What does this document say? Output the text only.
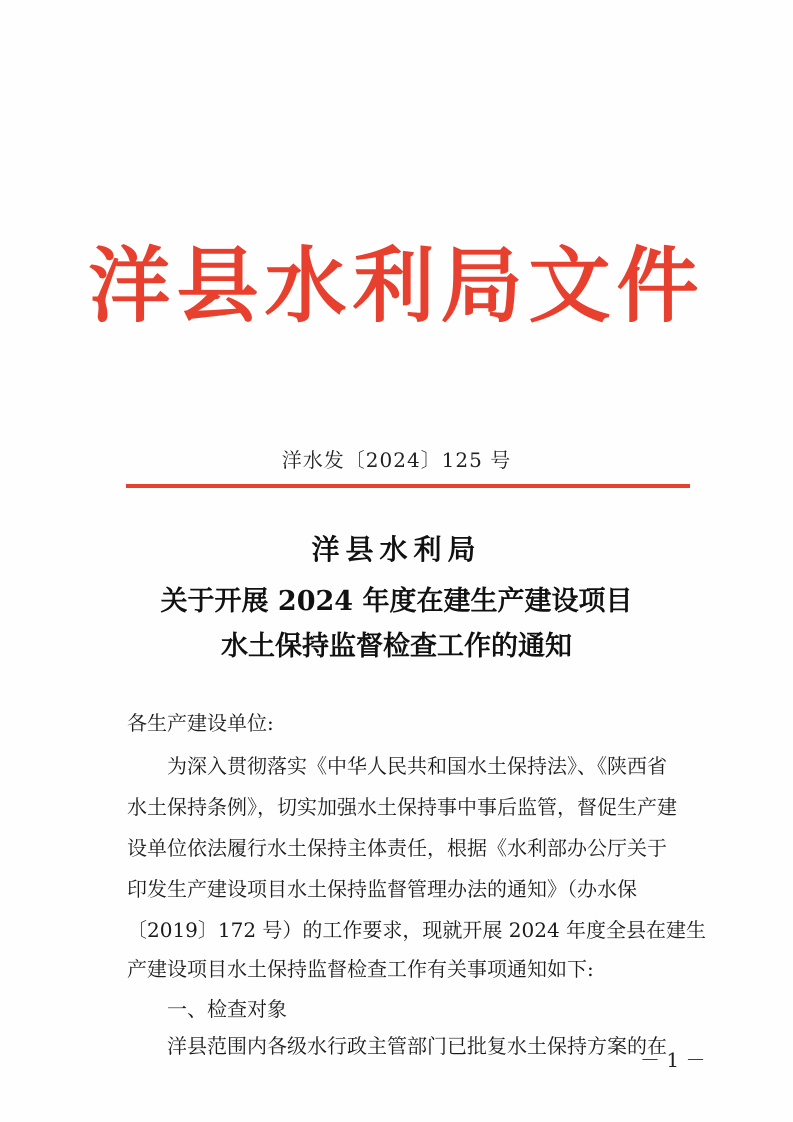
洋县水利局文件
洋水发〔2024〕125 号
洋县水利局
关于开展 2024 年度在建生产建设项目
水土保持监督检查工作的通知
各生产建设单位:
为深入贯彻落实《中华人民共和国水土保持法》、《陕西省
水土保持条例》，切实加强水土保持事中事后监管，督促生产建
设单位依法履行水土保持主体责任，根据《水利部办公厅关于
印发生产建设项目水土保持监督管理办法的通知》（办水保
〔2019〕172 号）的工作要求，现就开展 2024 年度全县在建生
产建设项目水土保持监督检查工作有关事项通知如下:
一、检查对象
洋县范围内各级水行政主管部门已批复水土保持方案的在
－ 1 －
